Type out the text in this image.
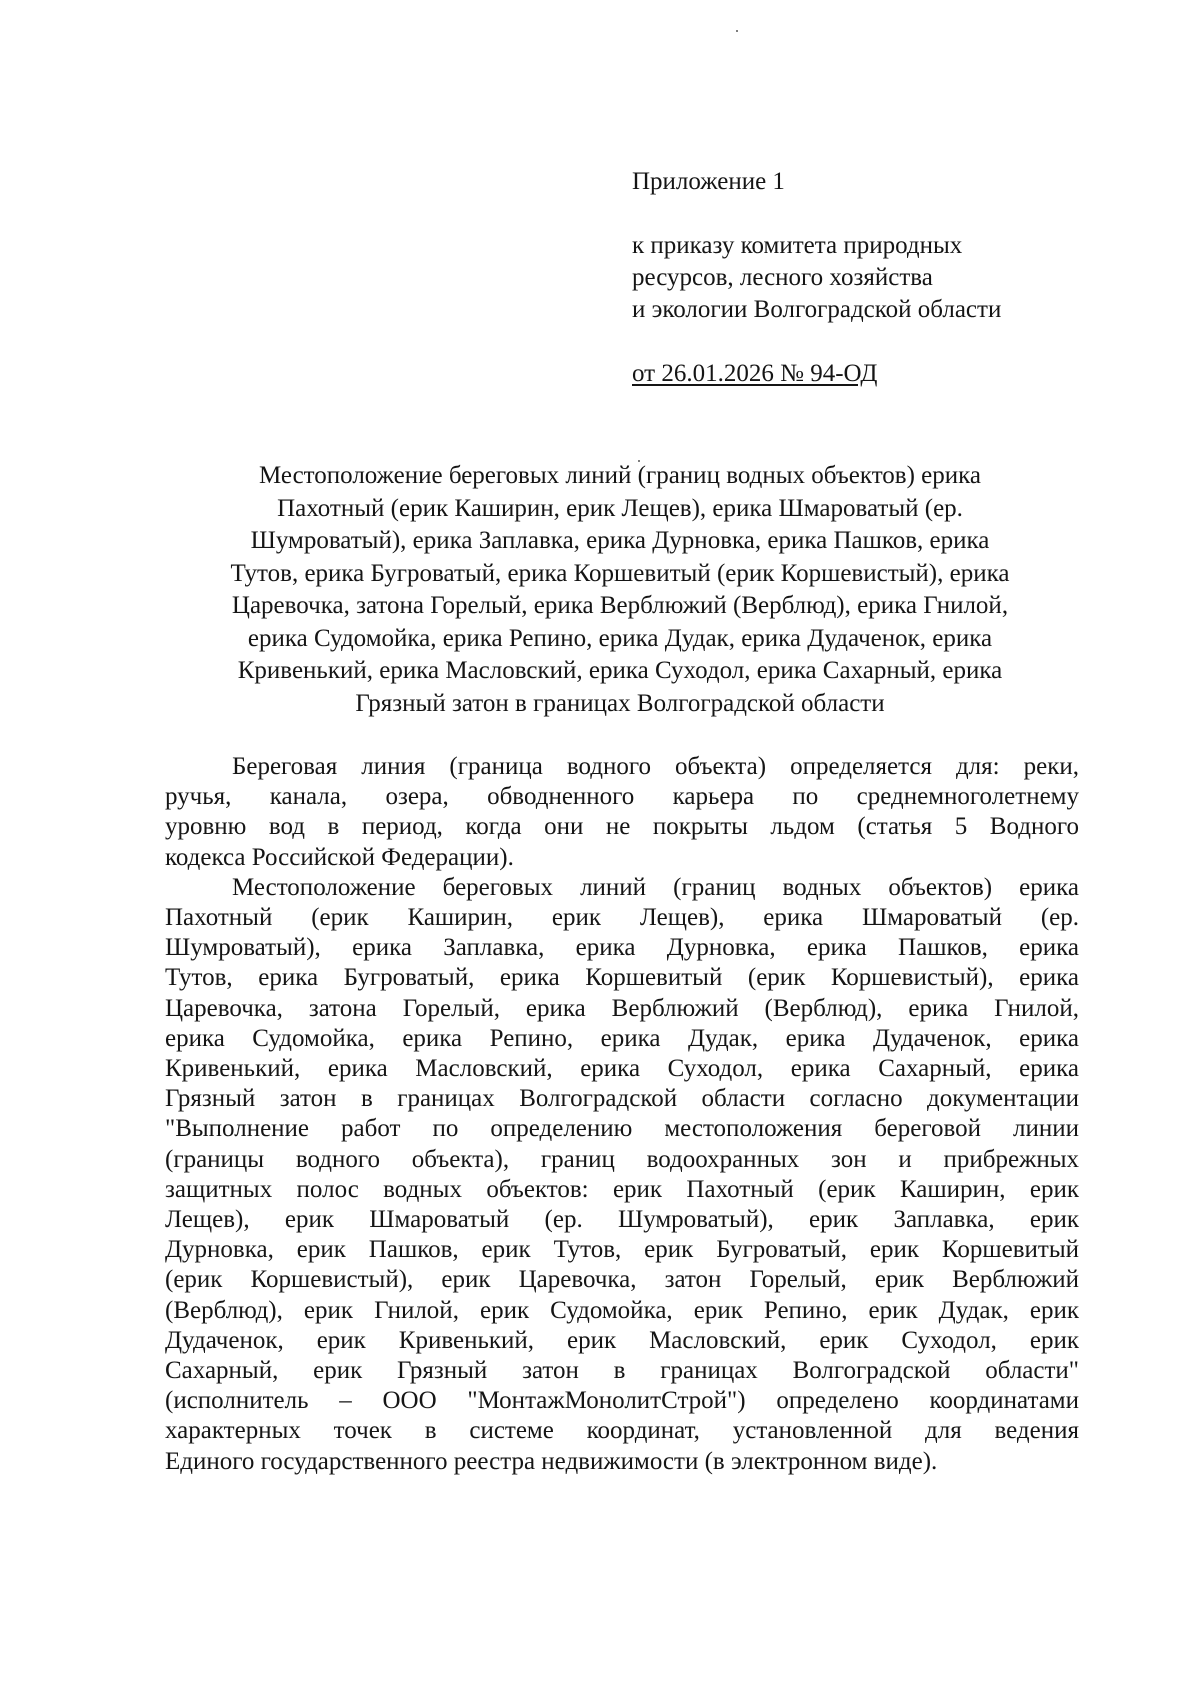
Приложение 1
к приказу комитета природных
ресурсов, лесного хозяйства
и экологии Волгоградской области
от 26.01.2026 № 94-ОД
Местоположение береговых линий (границ водных объектов) ерика
Пахотный (ерик Каширин, ерик Лещев), ерика Шмароватый (ер.
Шумроватый), ерика Заплавка, ерика Дурновка, ерика Пашков, ерика
Тутов, ерика Бугроватый, ерика Коршевитый (ерик Коршевистый), ерика
Царевочка, затона Горелый, ерика Верблюжий (Верблюд), ерика Гнилой,
ерика Судомойка, ерика Репино, ерика Дудак, ерика Дудаченок, ерика
Кривенький, ерика Масловский, ерика Суходол, ерика Сахарный, ерика
Грязный затон в границах Волгоградской области
Береговая линия (граница водного объекта) определяется для: реки,
ручья, канала, озера, обводненного карьера по среднемноголетнему
уровню вод в период, когда они не покрыты льдом (статья 5 Водного
кодекса Российской Федерации).
Местоположение береговых линий (границ водных объектов) ерика
Пахотный (ерик Каширин, ерик Лещев), ерика Шмароватый (ер.
Шумроватый), ерика Заплавка, ерика Дурновка, ерика Пашков, ерика
Тутов, ерика Бугроватый, ерика Коршевитый (ерик Коршевистый), ерика
Царевочка, затона Горелый, ерика Верблюжий (Верблюд), ерика Гнилой,
ерика Судомойка, ерика Репино, ерика Дудак, ерика Дудаченок, ерика
Кривенький, ерика Масловский, ерика Суходол, ерика Сахарный, ерика
Грязный затон в границах Волгоградской области согласно документации
"Выполнение работ по определению местоположения береговой линии
(границы водного объекта), границ водоохранных зон и прибрежных
защитных полос водных объектов: ерик Пахотный (ерик Каширин, ерик
Лещев), ерик Шмароватый (ер. Шумроватый), ерик Заплавка, ерик
Дурновка, ерик Пашков, ерик Тутов, ерик Бугроватый, ерик Коршевитый
(ерик Коршевистый), ерик Царевочка, затон Горелый, ерик Верблюжий
(Верблюд), ерик Гнилой, ерик Судомойка, ерик Репино, ерик Дудак, ерик
Дудаченок, ерик Кривенький, ерик Масловский, ерик Суходол, ерик
Сахарный, ерик Грязный затон в границах Волгоградской области"
(исполнитель – ООО "МонтажМонолитСтрой") определено координатами
характерных точек в системе координат, установленной для ведения
Единого государственного реестра недвижимости (в электронном виде).
